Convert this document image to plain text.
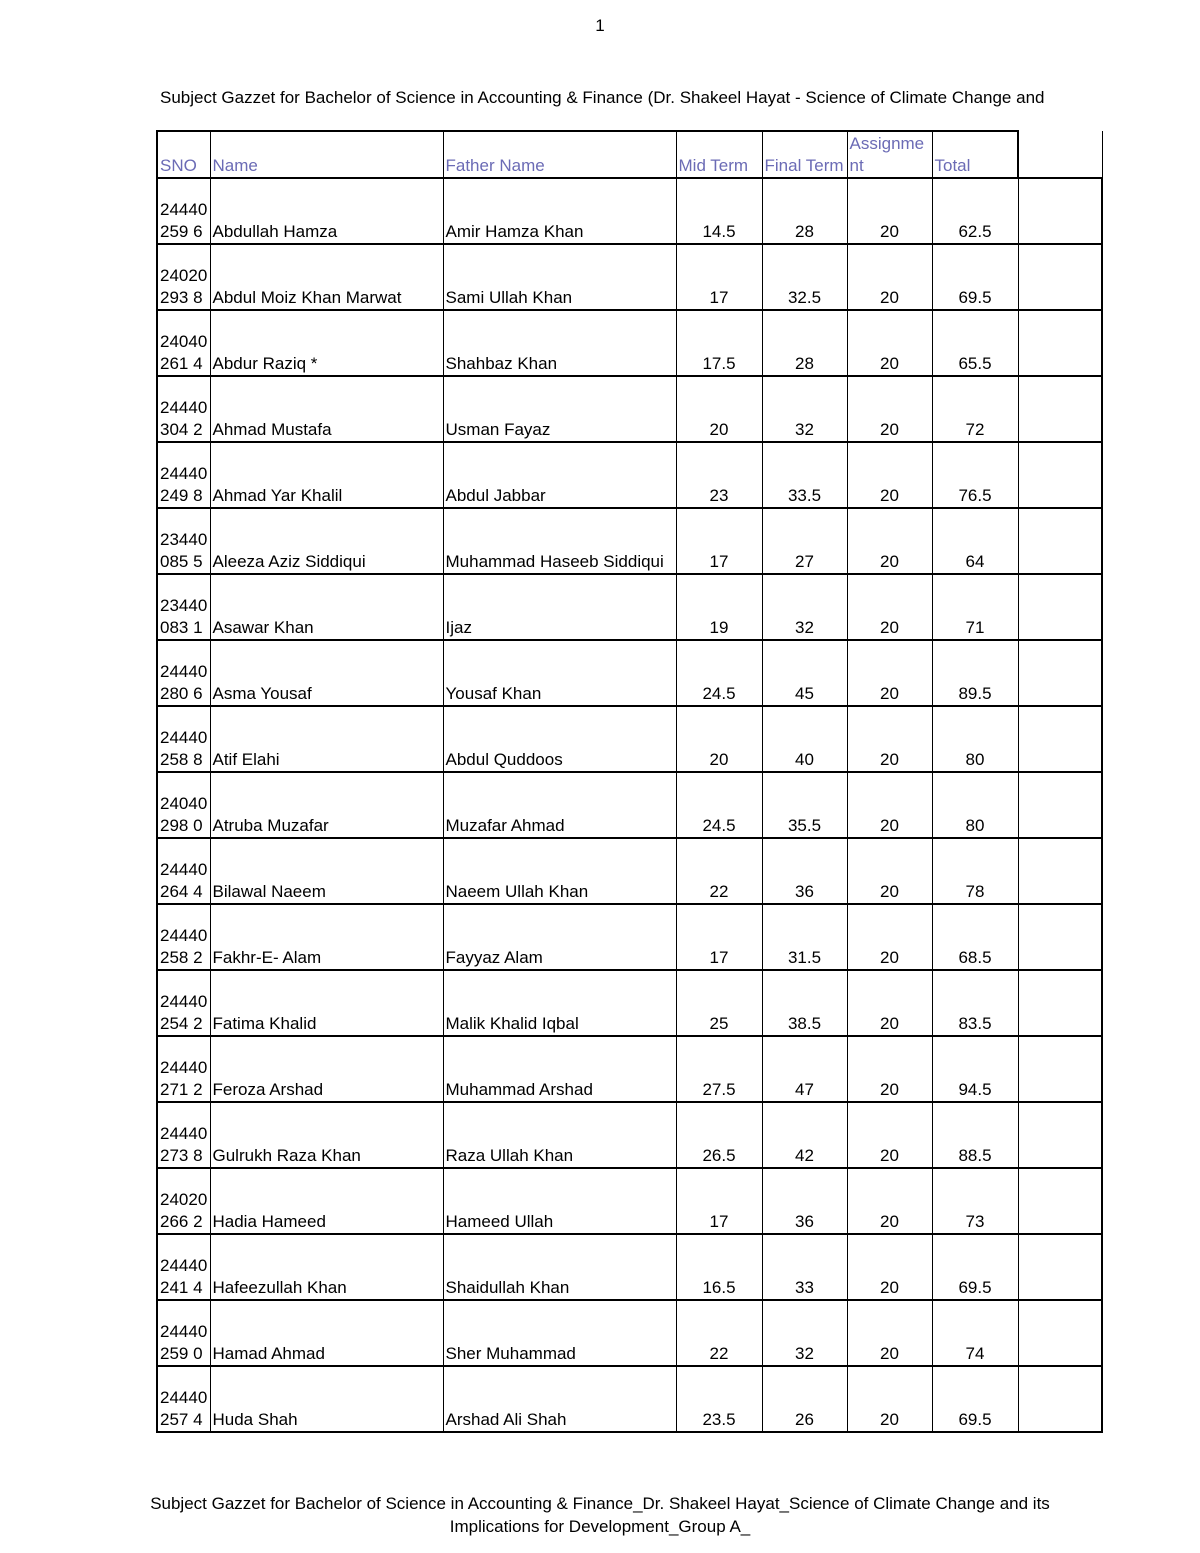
1
Subject Gazzet for Bachelor of Science in Accounting & Finance (Dr. Shakeel Hayat - Science of Climate Change and
SNO	Name	Father Name	Mid Term	Final Term	Assignment	Total	
24440259 6	Abdullah Hamza	Amir Hamza Khan	14.5	28	20	62.5	
24020293 8	Abdul Moiz Khan Marwat	Sami Ullah Khan	17	32.5	20	69.5	
24040261 4	Abdur Raziq *	Shahbaz Khan	17.5	28	20	65.5	
24440304 2	Ahmad Mustafa	Usman Fayaz	20	32	20	72	
24440249 8	Ahmad Yar Khalil	Abdul Jabbar	23	33.5	20	76.5	
23440085 5	Aleeza Aziz Siddiqui	Muhammad Haseeb Siddiqui	17	27	20	64	
23440083 1	Asawar Khan	Ijaz	19	32	20	71	
24440280 6	Asma Yousaf	Yousaf Khan	24.5	45	20	89.5	
24440258 8	Atif Elahi	Abdul Quddoos	20	40	20	80	
24040298 0	Atruba Muzafar	Muzafar Ahmad	24.5	35.5	20	80	
24440264 4	Bilawal Naeem	Naeem Ullah Khan	22	36	20	78	
24440258 2	Fakhr-E- Alam	Fayyaz Alam	17	31.5	20	68.5	
24440254 2	Fatima Khalid	Malik Khalid Iqbal	25	38.5	20	83.5	
24440271 2	Feroza Arshad	Muhammad Arshad	27.5	47	20	94.5	
24440273 8	Gulrukh Raza Khan	Raza Ullah Khan	26.5	42	20	88.5	
24020266 2	Hadia Hameed	Hameed Ullah	17	36	20	73	
24440241 4	Hafeezullah Khan	Shaidullah Khan	16.5	33	20	69.5	
24440259 0	Hamad Ahmad	Sher Muhammad	22	32	20	74	
24440257 4	Huda Shah	Arshad Ali Shah	23.5	26	20	69.5	
Subject Gazzet for Bachelor of Science in Accounting & Finance_Dr. Shakeel Hayat_Science of Climate Change and its
Implications for Development_Group A_
